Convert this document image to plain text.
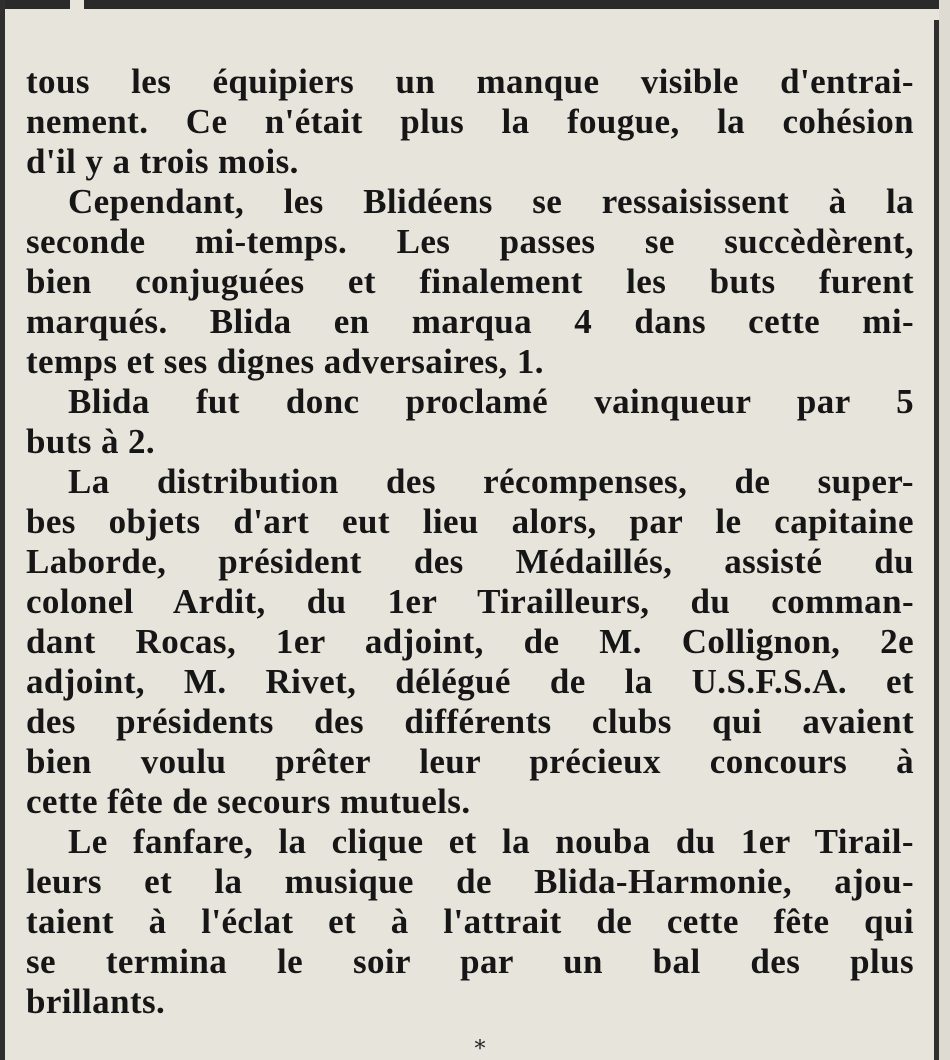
tous les équipiers un manque visible d'entrai-
nement. Ce n'était plus la fougue, la cohésion
d'il y a trois mois.
Cependant, les Blidéens se ressaisissent à la
seconde mi-temps. Les passes se succèdèrent,
bien conjuguées et finalement les buts furent
marqués. Blida en marqua 4 dans cette mi-
temps et ses dignes adversaires, 1.
Blida fut donc proclamé vainqueur par 5
buts à 2.
La distribution des récompenses, de super-
bes objets d'art eut lieu alors, par le capitaine
Laborde, président des Médaillés, assisté du
colonel Ardit, du 1er Tirailleurs, du comman-
dant Rocas, 1er adjoint, de M. Collignon, 2e
adjoint, M. Rivet, délégué de la U.S.F.S.A. et
des présidents des différents clubs qui avaient
bien voulu prêter leur précieux concours à
cette fête de secours mutuels.
Le fanfare, la clique et la nouba du 1er Tirail-
leurs et la musique de Blida-Harmonie, ajou-
taient à l'éclat et à l'attrait de cette fête qui
se termina le soir par un bal des plus
brillants.
*
